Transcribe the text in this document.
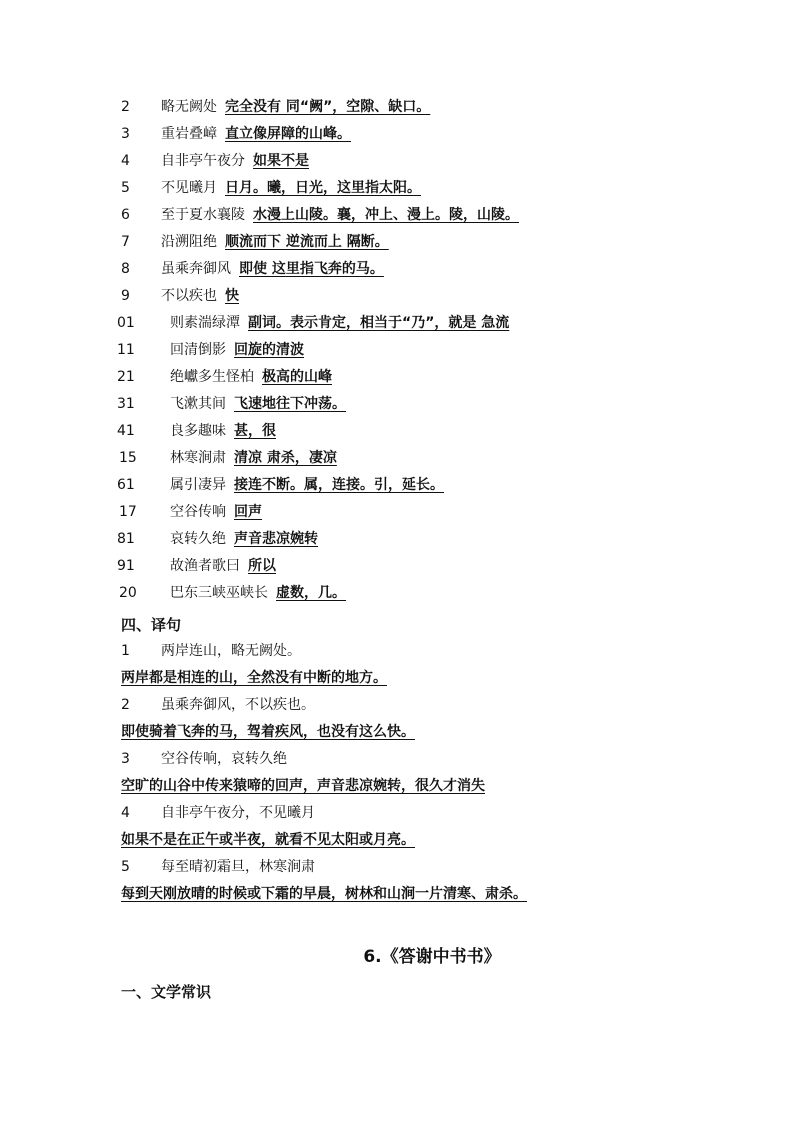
2	略无阙处 完全没有 同“阙”，空隙、缺口。
3	重岩叠嶂 直立像屏障的山峰。
4	自非亭午夜分 如果不是
5	不见曦月 日月。曦，日光，这里指太阳。
6	至于夏水襄陵 水漫上山陵。襄，冲上、漫上。陵，山陵。
7	沿溯阻绝 顺流而下 逆流而上 隔断。
8	虽乘奔御风 即使 这里指飞奔的马。
9	不以疾也 快
01	则素湍绿潭 副词。表示肯定，相当于“乃”，就是 急流
11	回清倒影 回旋的清波
21	绝巘多生怪柏 极高的山峰
31	飞漱其间 飞速地往下冲荡。
41	良多趣味 甚，很
15	林寒涧肃 清凉 肃杀，凄凉
61	属引凄异 接连不断。属，连接。引，延长。
17	空谷传响 回声
81	哀转久绝 声音悲凉婉转
91	故渔者歌曰 所以
20	巴东三峡巫峡长 虚数，几。
四、译句
1 两岸连山，略无阙处。
两岸都是相连的山，全然没有中断的地方。
2 虽乘奔御风，不以疾也。
即使骑着飞奔的马，驾着疾风，也没有这么快。
3 空谷传响，哀转久绝
空旷的山谷中传来猿啼的回声，声音悲凉婉转，很久才消失
4 自非亭午夜分，不见曦月
如果不是在正午或半夜，就看不见太阳或月亮。
5 每至晴初霜旦，林寒涧肃
每到天刚放晴的时候或下霜的早晨，树林和山涧一片清寒、肃杀。
6.《答谢中书书》
一、文学常识
